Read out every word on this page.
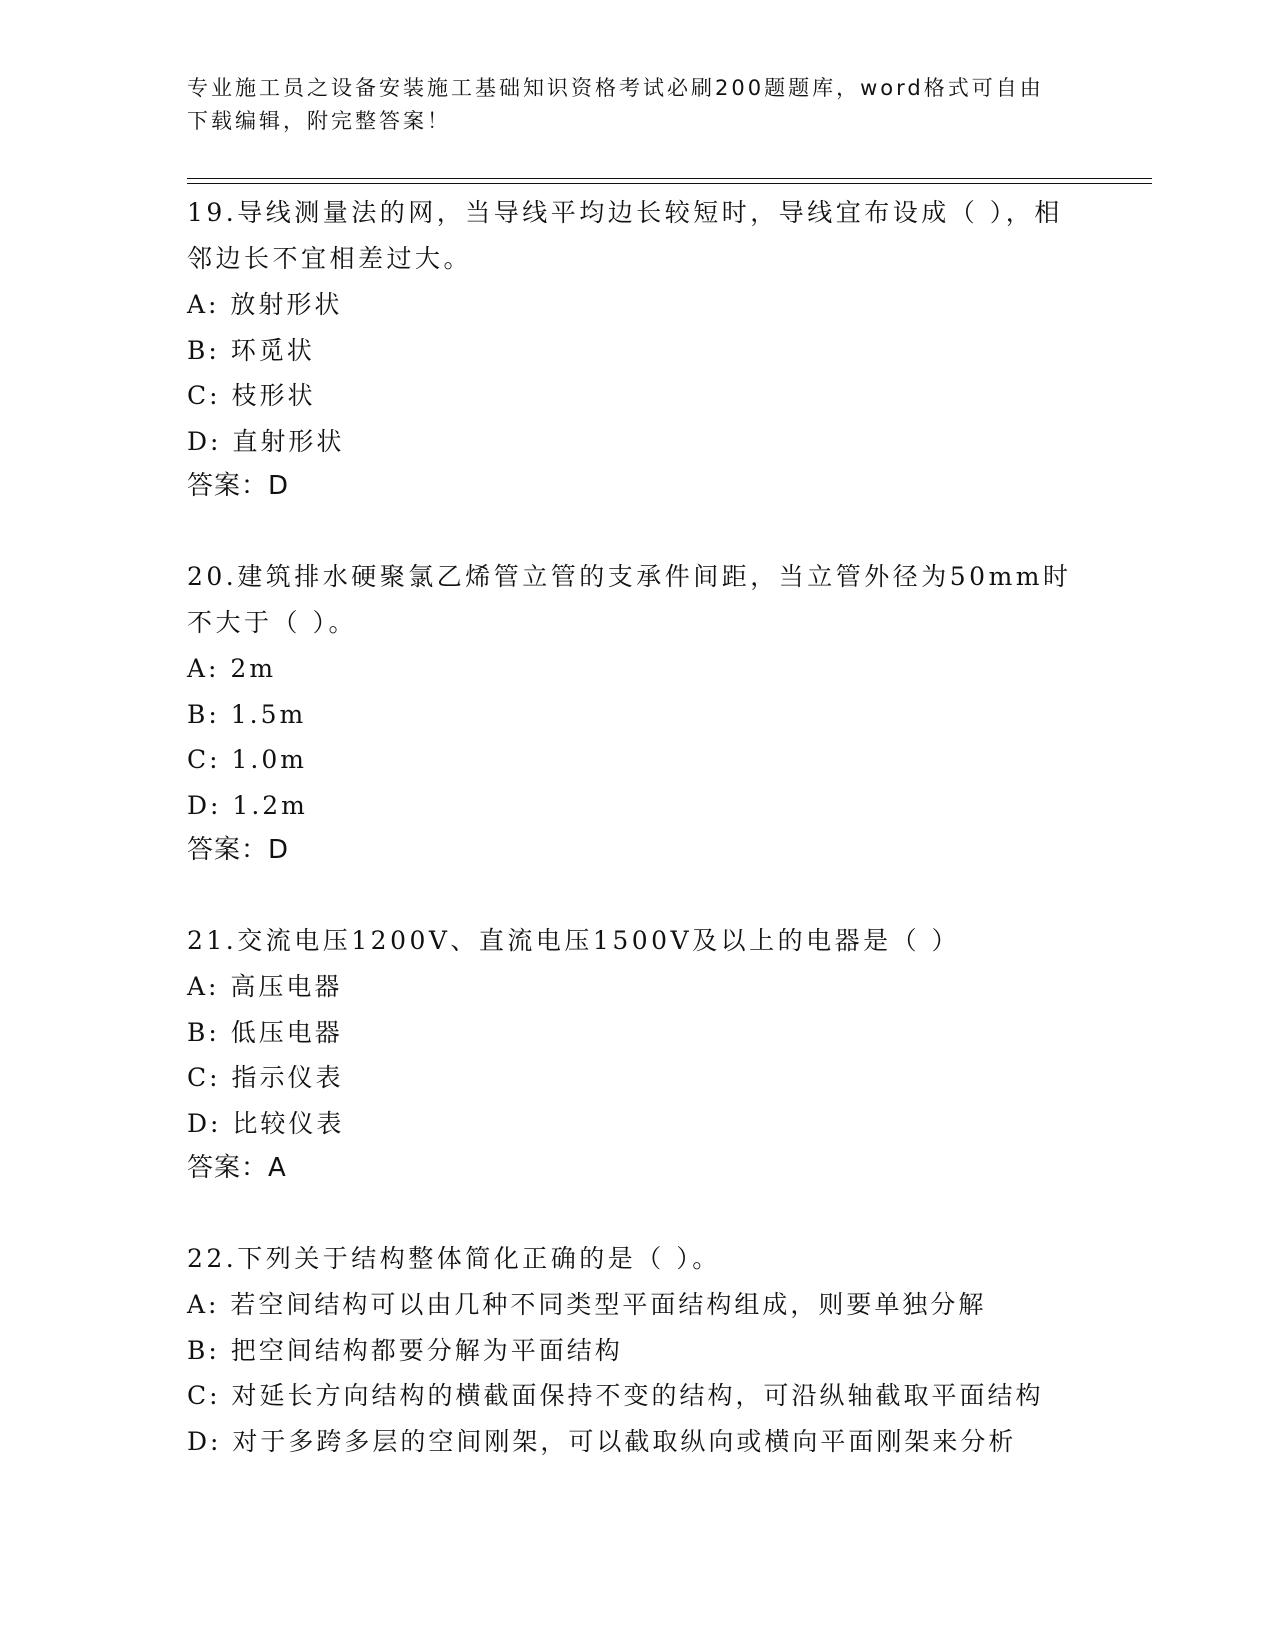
专业施工员之设备安装施工基础知识资格考试必刷200题题库，word格式可自由下载编辑，附完整答案！

19.导线测量法的网，当导线平均边长较短时，导线宜布设成（ ），相邻边长不宜相差过大。

A: 放射形状

B: 环觅状

C: 枝形状

D: 直射形状

答案：D

20.建筑排水硬聚氯乙烯管立管的支承件间距，当立管外径为50mm时不大于（ ）。

A: 2m

B: 1.5m

C: 1.0m

D: 1.2m

答案：D

21.交流电压1200V、直流电压1500V及以上的电器是（ ）

A: 高压电器

B: 低压电器

C: 指示仪表

D: 比较仪表

答案：A

22.下列关于结构整体简化正确的是（ ）。

A: 若空间结构可以由几种不同类型平面结构组成，则要单独分解

B: 把空间结构都要分解为平面结构

C: 对延长方向结构的横截面保持不变的结构，可沿纵轴截取平面结构

D: 对于多跨多层的空间刚架，可以截取纵向或横向平面刚架来分析
